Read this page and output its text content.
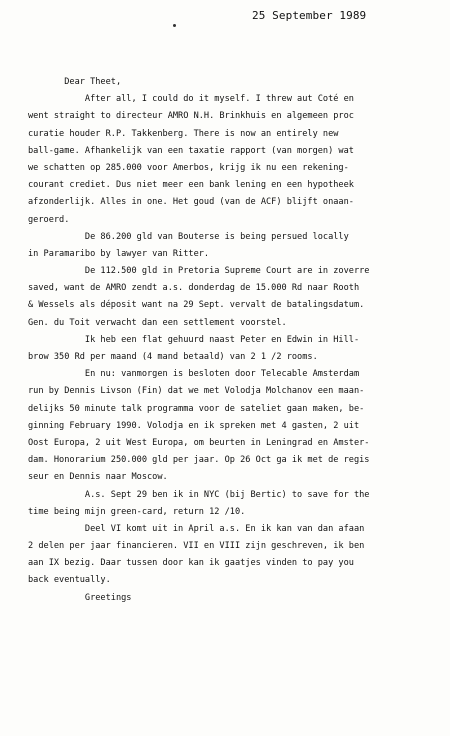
25 September 1989
Dear Theet,
After all, I could do it myself. I threw aut Coté en
went straight to directeur AMRO N.H. Brinkhuis en algemeen proc
curatie houder R.P. Takkenberg. There is now an entirely new
ball-game. Afhankelijk van een taxatie rapport (van morgen) wat
we schatten op 285.000 voor Amerbos, krijg ik nu een rekening-
courant crediet. Dus niet meer een bank lening en een hypotheek
afzonderlijk. Alles in one. Het goud (van de ACF) blijft onaan-
geroerd.
De 86.200 gld van Bouterse is being persued locally
in Paramaribo by lawyer van Ritter.
De 112.500 gld in Pretoria Supreme Court are in zoverre
saved, want de AMRO zendt a.s. donderdag de 15.000 Rd naar Rooth
& Wessels als déposit want na 29 Sept. vervalt de batalingsdatum.
Gen. du Toit verwacht dan een settlement voorstel.
Ik heb een flat gehuurd naast Peter en Edwin in Hill-
brow 350 Rd per maand (4 mand betaald) van 2 1 /2 rooms.
En nu: vanmorgen is besloten door Telecable Amsterdam
run by Dennis Livson (Fin) dat we met Volodja Molchanov een maan-
delijks 50 minute talk programma voor de sateliet gaan maken, be-
ginning February 1990. Volodja en ik spreken met 4 gasten, 2 uit
Oost Europa, 2 uit West Europa, om beurten in Leningrad en Amster-
dam. Honorarium 250.000 gld per jaar. Op 26 Oct ga ik met de regis
seur en Dennis naar Moscow.
A.s. Sept 29 ben ik in NYC (bij Bertic) to save for the
time being mijn green-card, return 12 /10.
Deel VI komt uit in April a.s. En ik kan van dan afaan
2 delen per jaar financieren. VII en VIII zijn geschreven, ik ben
aan IX bezig. Daar tussen door kan ik gaatjes vinden to pay you
back eventually.
Greetings
